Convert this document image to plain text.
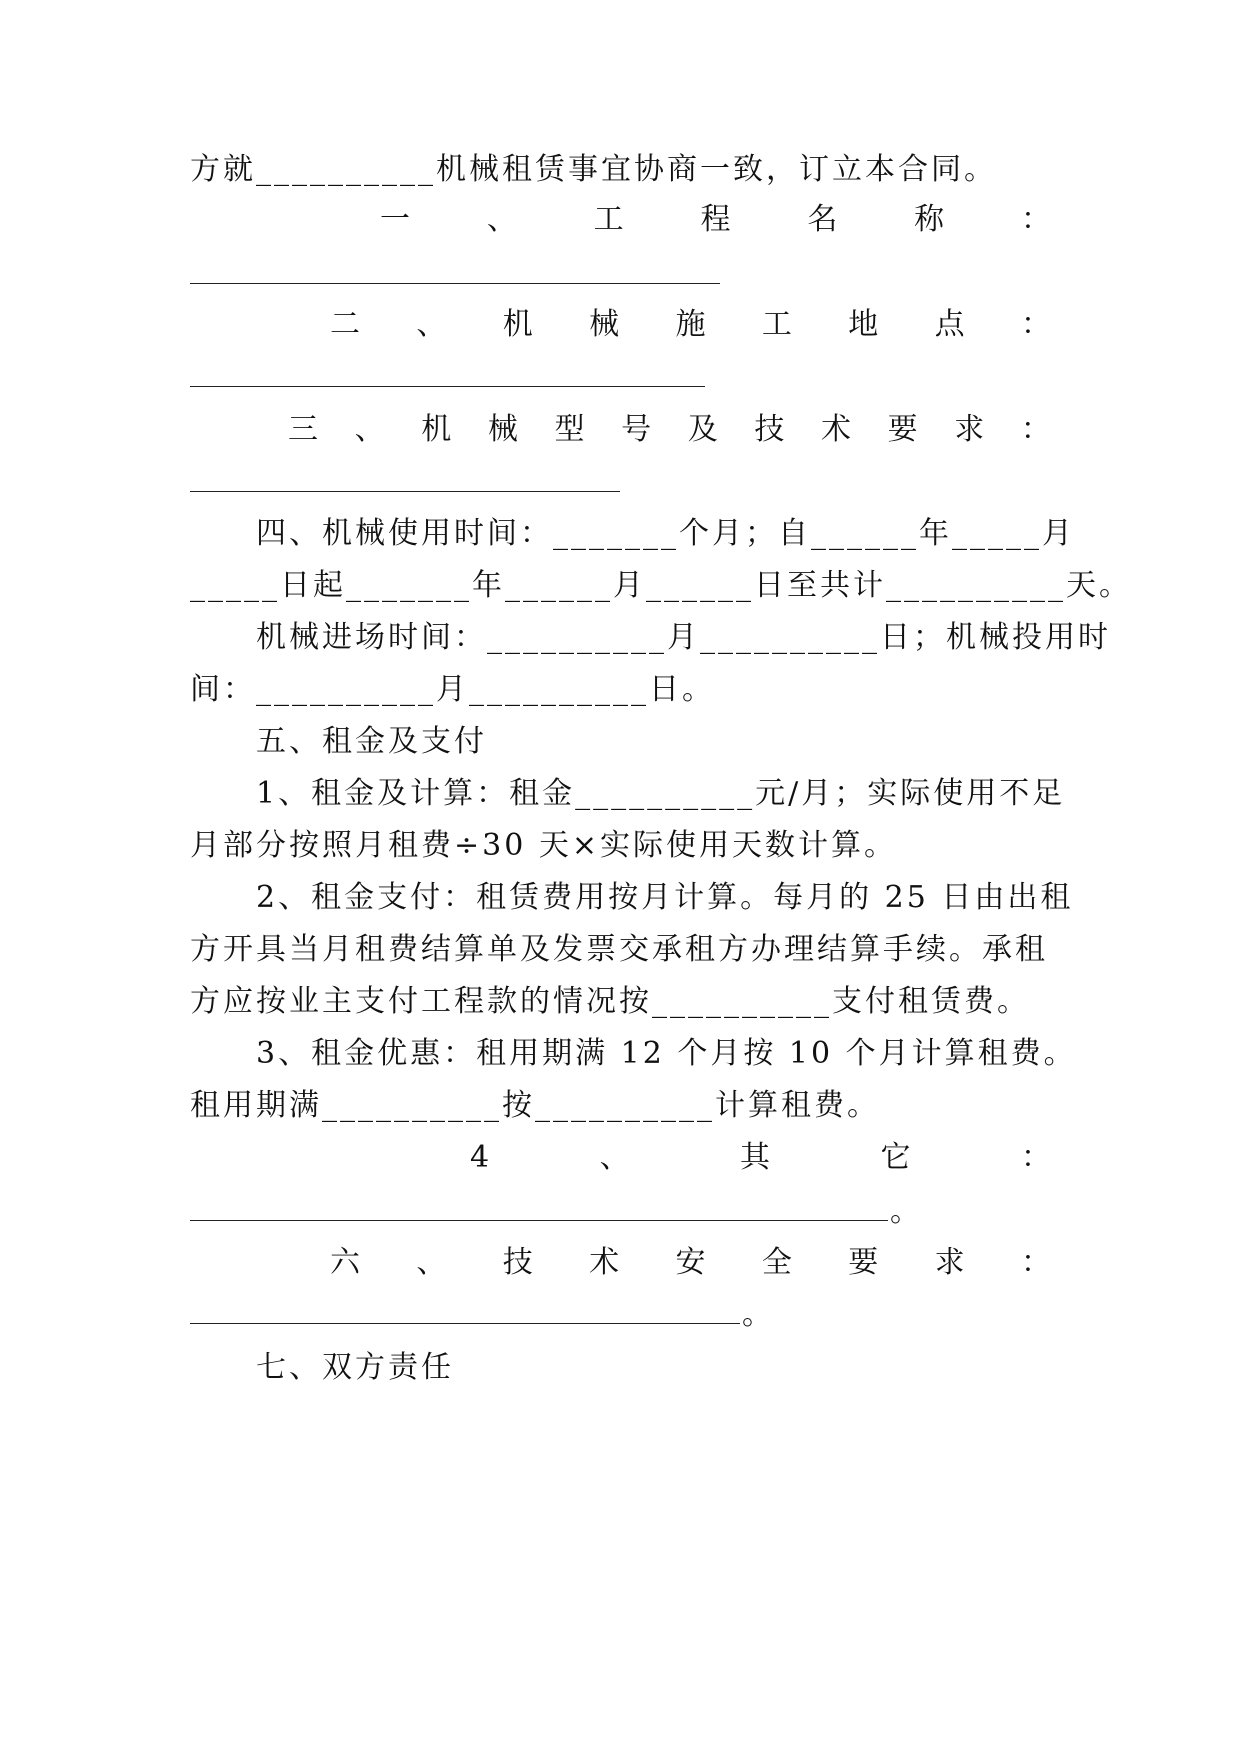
方就__________机械租赁事宜协商一致，订立本合同。
一 、 工 程 名 称 ：
二 、 机 械 施 工 地 点 ：
三 、 机 械 型 号 及 技 术 要 求 ：
四、机械使用时间：_______个月；自______年_____月
_____日起_______年______月______日至共计__________天。
机械进场时间：__________月__________日；机械投用时
间：__________月__________日。
五、租金及支付
1、租金及计算：租金__________元/月；实际使用不足
月部分按照月租费÷30 天×实际使用天数计算。
2、租金支付：租赁费用按月计算。每月的 25 日由出租
方开具当月租费结算单及发票交承租方办理结算手续。承租
方应按业主支付工程款的情况按__________支付租赁费。
3、租金优惠：租用期满 12 个月按 10 个月计算租费。
租用期满__________按__________计算租费。
4	、	其	它	：
。
六 、 技 术 安 全 要 求 ：
。
七、双方责任
